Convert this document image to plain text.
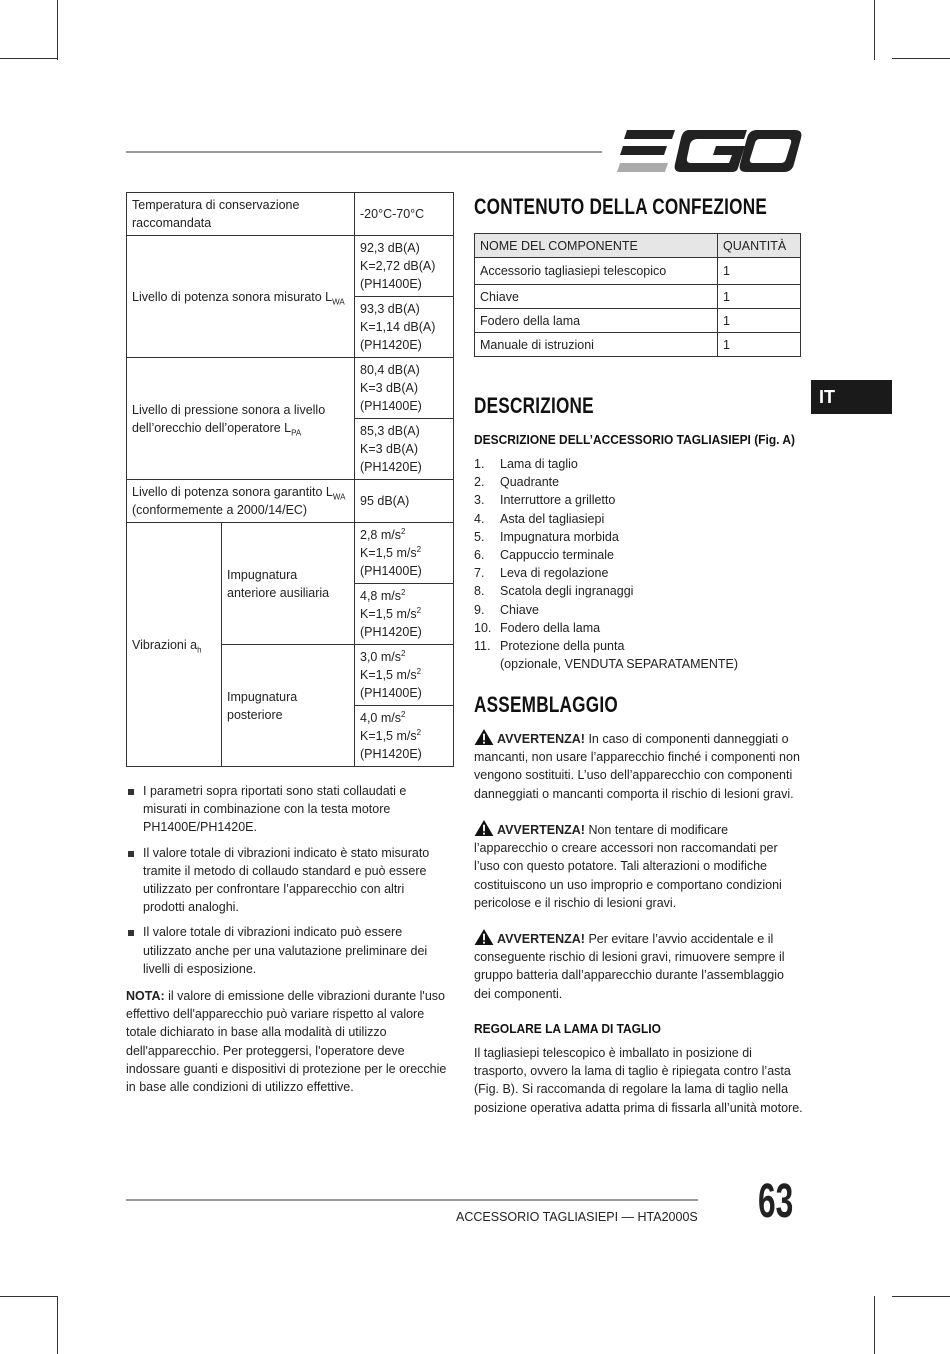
Temperatura di conservazione raccomandata		-20°C-70°C
Livello di potenza sonora misurato $L_{WA}$		92,3 dB(A)
K=2,72 dB(A)
(PH1400E)
		93,3 dB(A)
K=1,14 dB(A)
(PH1420E)
Livello di pressione sonora a livello dell’orecchio dell’operatore $L_{PA}$		80,4 dB(A)
K=3 dB(A)
(PH1400E)
		85,3 dB(A)
K=3 dB(A)
(PH1420E)
Livello di potenza sonora garantito $L_{WA}$
(conformemente a 2000/14/EC)		95 dB(A)
Vibrazioni $a_h$	Impugnatura anteriore ausiliaria	2,8 $m/s^2$
K=1,5 $m/s^2$
(PH1400E)
		4,8 $m/s^2$
K=1,5 $m/s^2$
(PH1420E)
	Impugnatura posteriore	3,0 $m/s^2$
K=1,5 $m/s^2$
(PH1400E)
		4,0 $m/s^2$
K=1,5 $m/s^2$
(PH1420E)
I parametri sopra riportati sono stati collaudati e misurati in combinazione con la testa motore PH1400E/PH1420E.
Il valore totale di vibrazioni indicato è stato misurato tramite il metodo di collaudo standard e può essere utilizzato per confrontare l’apparecchio con altri prodotti analoghi.
Il valore totale di vibrazioni indicato può essere utilizzato anche per una valutazione preliminare dei livelli di esposizione.
NOTA: il valore di emissione delle vibrazioni durante l'uso effettivo dell'apparecchio può variare rispetto al valore totale dichiarato in base alla modalità di utilizzo dell'apparecchio. Per proteggersi, l'operatore deve indossare guanti e dispositivi di protezione per le orecchie in base alle condizioni di utilizzo effettive.
CONTENUTO DELLA CONFEZIONE
NOME DEL COMPONENTE	QUANTITÀ
Accessorio tagliasiepi telescopico	1
Chiave	1
Fodero della lama	1
Manuale di istruzioni	1
IT
DESCRIZIONE
DESCRIZIONE DELL’ACCESSORIO TAGLIASIEPI (Fig. A)
1. Lama di taglio
2. Quadrante
3. Interruttore a grilletto
4. Asta del tagliasiepi
5. Impugnatura morbida
6. Cappuccio terminale
7. Leva di regolazione
8. Scatola degli ingranaggi
9. Chiave
10. Fodero della lama
11. Protezione della punta
(opzionale, VENDUTA SEPARATAMENTE)
ASSEMBLAGGIO
AVVERTENZA! In caso di componenti danneggiati o mancanti, non usare l’apparecchio finché i componenti non vengono sostituiti. L’uso dell’apparecchio con componenti danneggiati o mancanti comporta il rischio di lesioni gravi.
AVVERTENZA! Non tentare di modificare l’apparecchio o creare accessori non raccomandati per l’uso con questo potatore. Tali alterazioni o modifiche costituiscono un uso improprio e comportano condizioni pericolose e il rischio di lesioni gravi.
AVVERTENZA! Per evitare l’avvio accidentale e il conseguente rischio di lesioni gravi, rimuovere sempre il gruppo batteria dall’apparecchio durante l’assemblaggio dei componenti.
REGOLARE LA LAMA DI TAGLIO
Il tagliasiepi telescopico è imballato in posizione di trasporto, ovvero la lama di taglio è ripiegata contro l’asta (Fig. B). Si raccomanda di regolare la lama di taglio nella posizione operativa adatta prima di fissarla all’unità motore.
ACCESSORIO TAGLIASIEPI — HTA2000S 63
